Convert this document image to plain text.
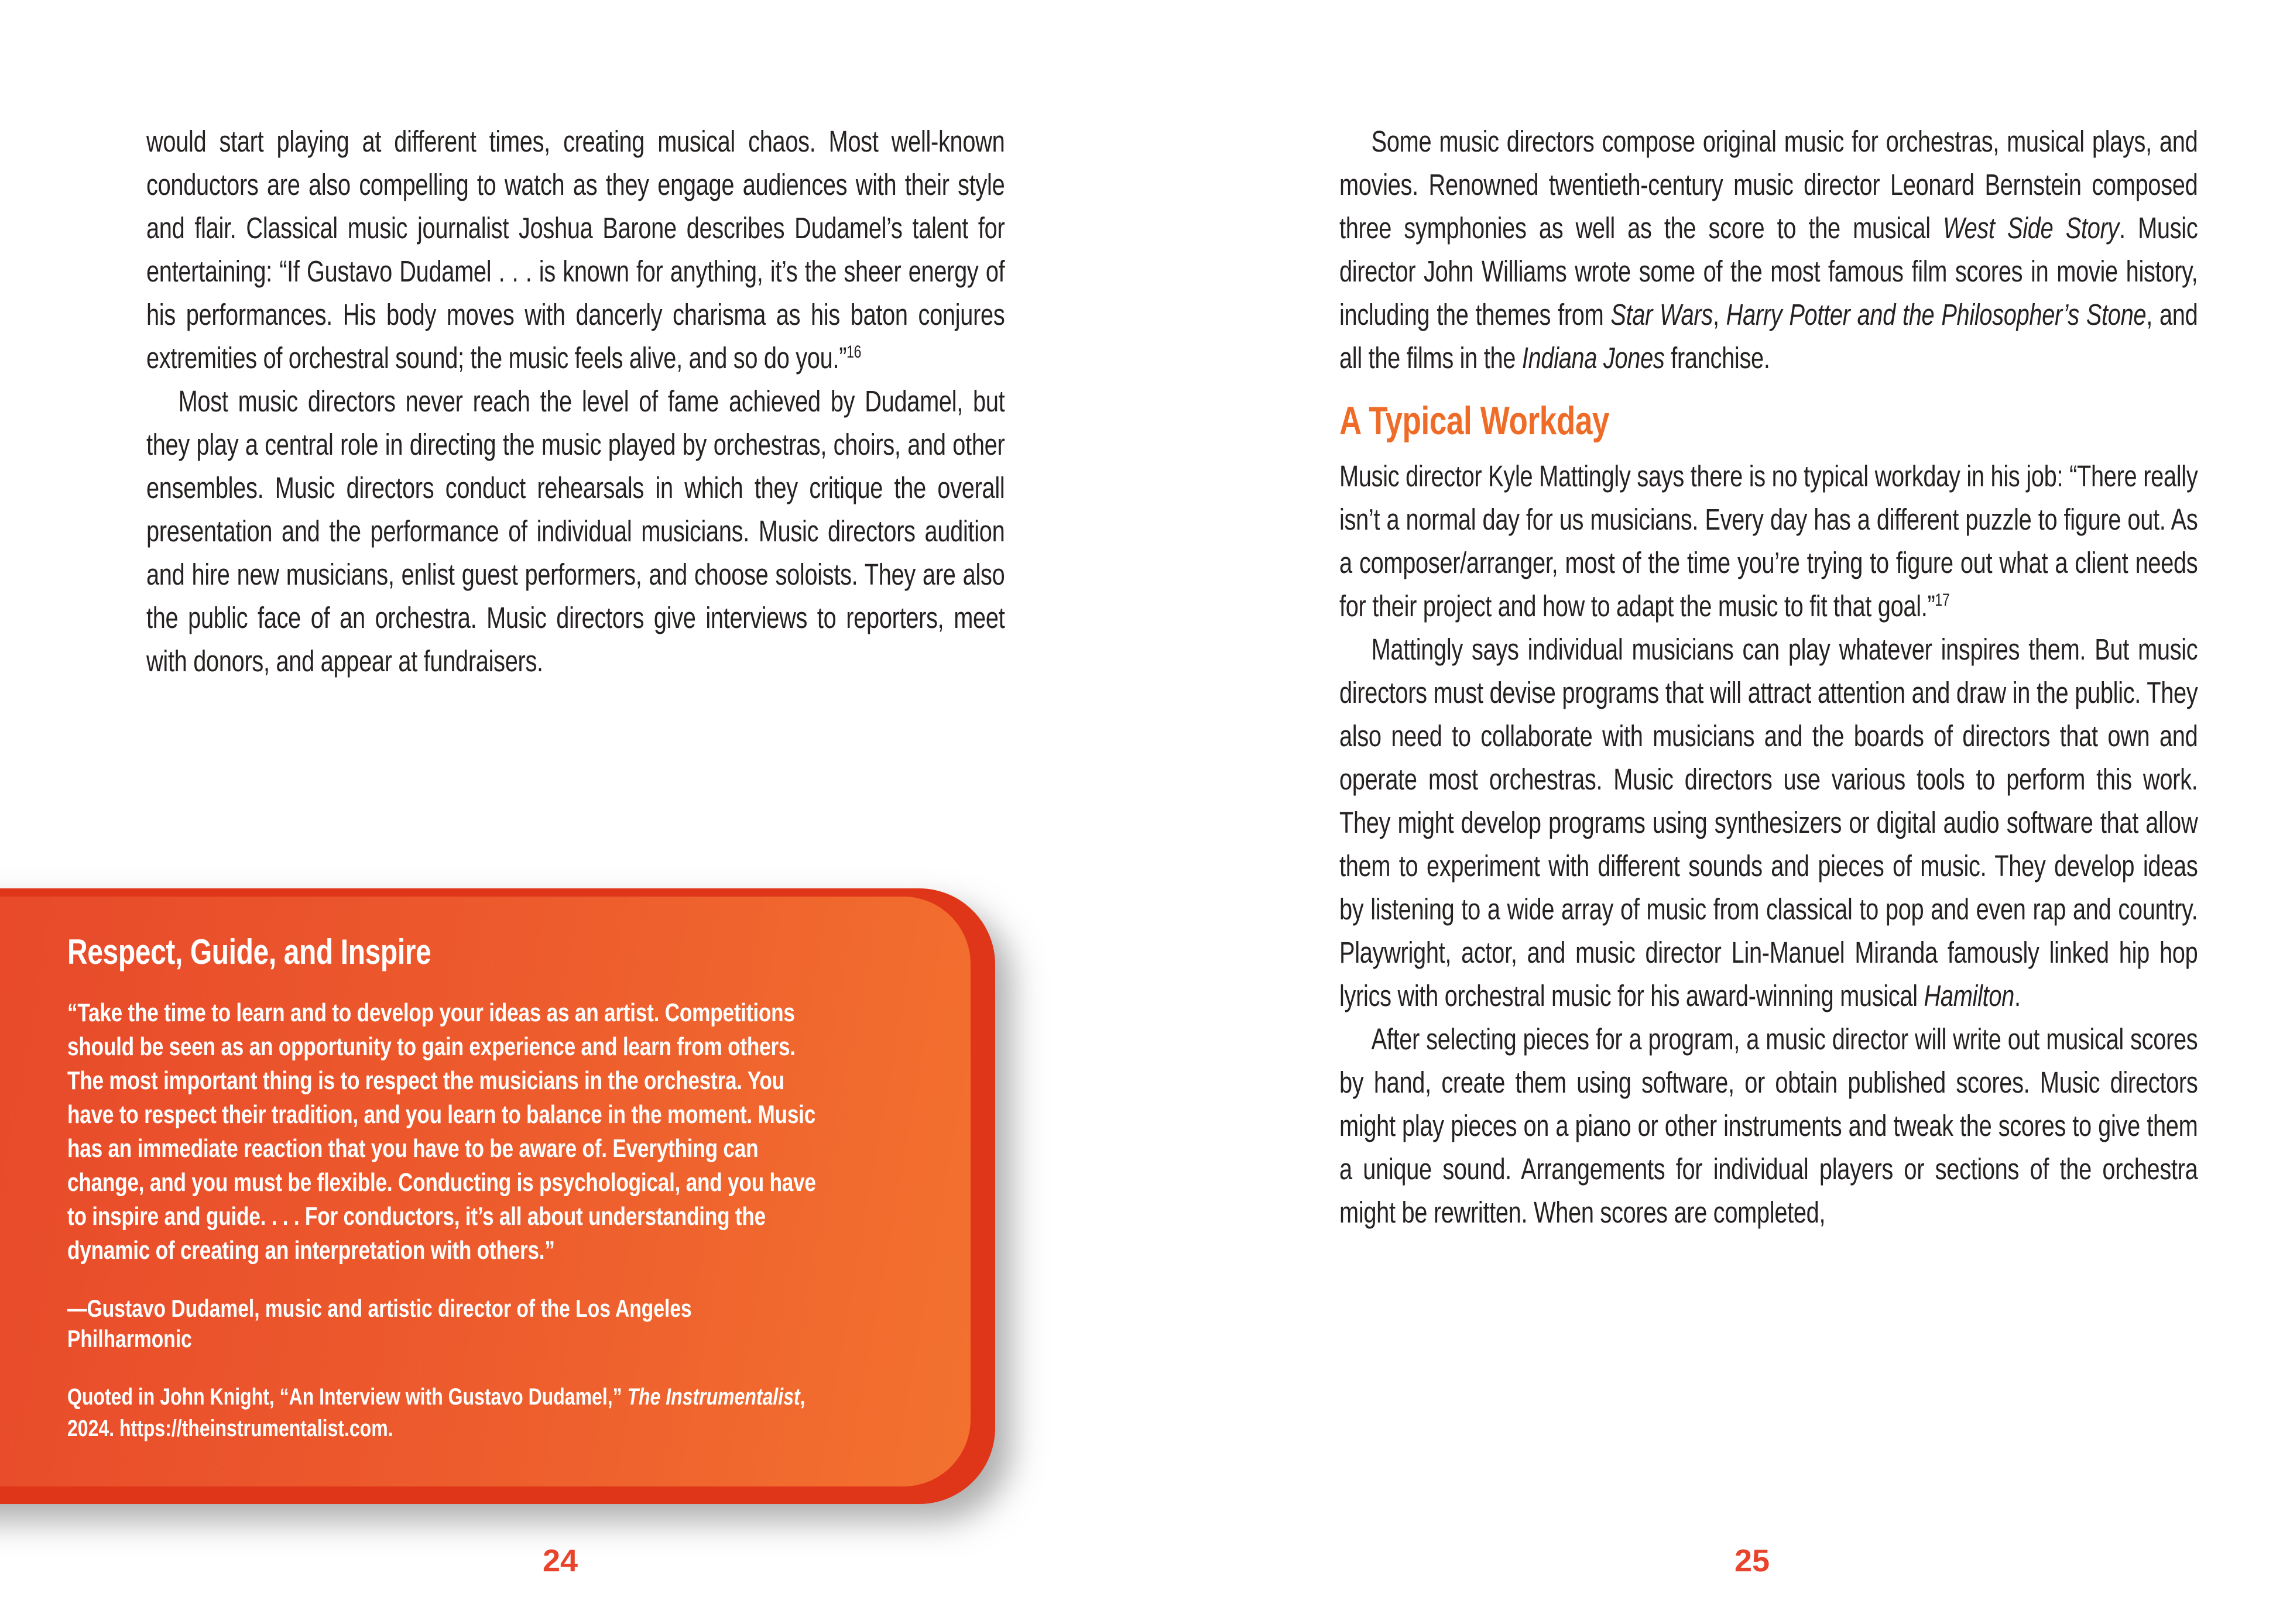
would start playing at different times, creating musical chaos. Most well-known conductors are also compelling to watch as they engage audiences with their style and flair. Classical music journalist Joshua Barone describes Dudamel’s talent for entertaining: “If Gustavo Dudamel . . . is known for anything, it’s the sheer energy of his performances. His body moves with dancerly charisma as his baton conjures extremities of orchestral sound; the music feels alive, and so do you.”$^{16}$

Most music directors never reach the level of fame achieved by Dudamel, but they play a central role in directing the music played by orchestras, choirs, and other ensembles. Music directors conduct rehearsals in which they critique the overall presentation and the performance of individual musicians. Music directors audition and hire new musicians, enlist guest performers, and choose soloists. They are also the public face of an orchestra. Music directors give interviews to reporters, meet with donors, and appear at fundraisers.

Respect, Guide, and Inspire

“Take the time to learn and to develop your ideas as an artist. Competitions should be seen as an opportunity to gain experience and learn from others. The most important thing is to respect the musicians in the orchestra. You have to respect their tradition, and you learn to balance in the moment. Music has an immediate reaction that you have to be aware of. Everything can change, and you must be flexible. Conducting is psychological, and you have to inspire and guide. . . . For conductors, it’s all about understanding the dynamic of creating an interpretation with others.”

—Gustavo Dudamel, music and artistic director of the Los Angeles Philharmonic

Quoted in John Knight, “An Interview with Gustavo Dudamel,” The Instrumentalist, 2024. https://theinstrumentalist.com.

24

Some music directors compose original music for orchestras, musical plays, and movies. Renowned twentieth-century music director Leonard Bernstein composed three symphonies as well as the score to the musical West Side Story. Music director John Williams wrote some of the most famous film scores in movie history, including the themes from Star Wars, Harry Potter and the Philosopher’s Stone, and all the films in the Indiana Jones franchise.

A Typical Workday

Music director Kyle Mattingly says there is no typical workday in his job: “There really isn’t a normal day for us musicians. Every day has a different puzzle to figure out. As a composer/arranger, most of the time you’re trying to figure out what a client needs for their project and how to adapt the music to fit that goal.”$^{17}$

Mattingly says individual musicians can play whatever inspires them. But music directors must devise programs that will attract attention and draw in the public. They also need to collaborate with musicians and the boards of directors that own and operate most orchestras. Music directors use various tools to perform this work. They might develop programs using synthesizers or digital audio software that allow them to experiment with different sounds and pieces of music. They develop ideas by listening to a wide array of music from classical to pop and even rap and country. Playwright, actor, and music director Lin-Manuel Miranda famously linked hip hop lyrics with orchestral music for his award-winning musical Hamilton.

After selecting pieces for a program, a music director will write out musical scores by hand, create them using software, or obtain published scores. Music directors might play pieces on a piano or other instruments and tweak the scores to give them a unique sound. Arrangements for individual players or sections of the orchestra might be rewritten. When scores are completed,

25
